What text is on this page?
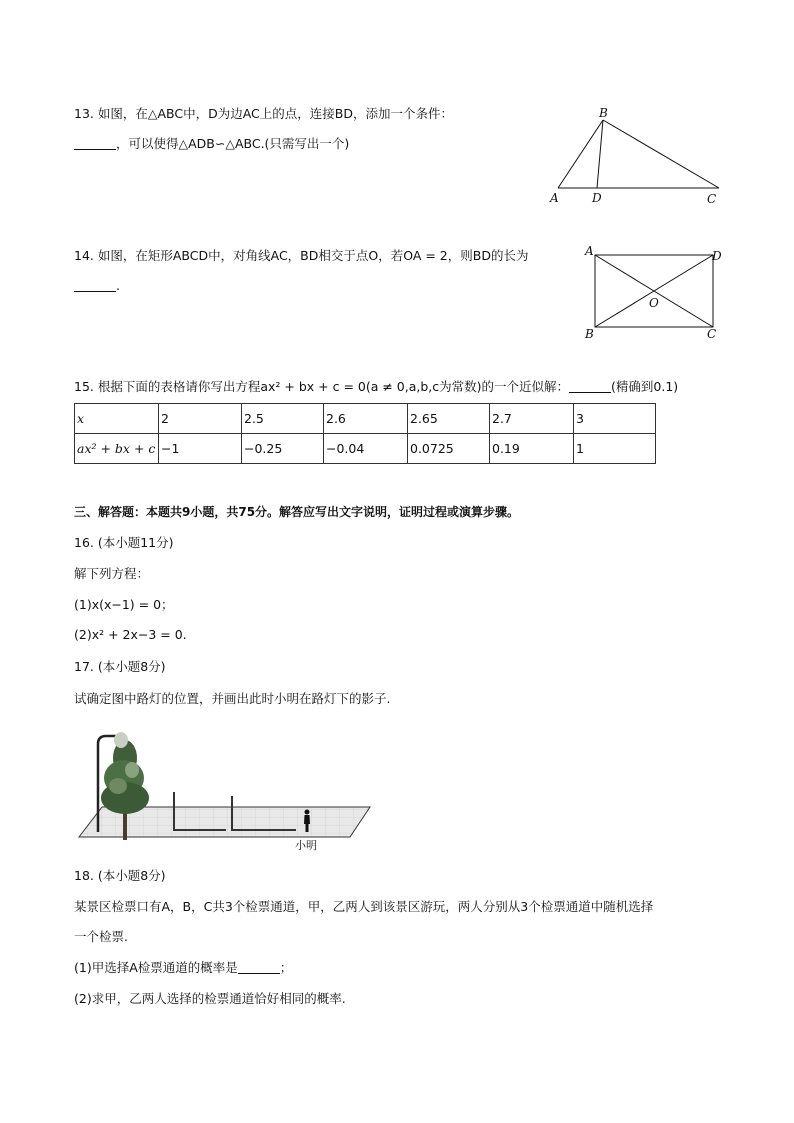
13. 如图，在△ABC中，D为边AC上的点，连接BD，添加一个条件：
，可以使得△ADB∽△ABC.(只需写出一个)
B
A	D	C
14. 如图，在矩形ABCD中，对角线AC，BD相交于点O，若OA = 2，则BD的长为
.
A	D
O
B	C
15. 根据下面的表格请你写出方程ax² + bx + c = 0(a ≠ 0,a,b,c为常数)的一个近似解：	(精确到0.1)
x	2	2.5	2.6	2.65	2.7	3
ax² + bx + c	−1	−0.25	−0.04	0.0725	0.19	1
三、解答题：本题共9小题，共75分。解答应写出文字说明，证明过程或演算步骤。
16. (本小题11分)
解下列方程：
(1)x(x−1) = 0；
(2)x² + 2x−3 = 0.
17. (本小题8分)
试确定图中路灯的位置，并画出此时小明在路灯下的影子.
小明
18. (本小题8分)
某景区检票口有A，B，C共3个检票通道，甲，乙两人到该景区游玩，两人分别从3个检票通道中随机选择
一个检票.
(1)甲选择A检票通道的概率是	；
(2)求甲，乙两人选择的检票通道恰好相同的概率.
